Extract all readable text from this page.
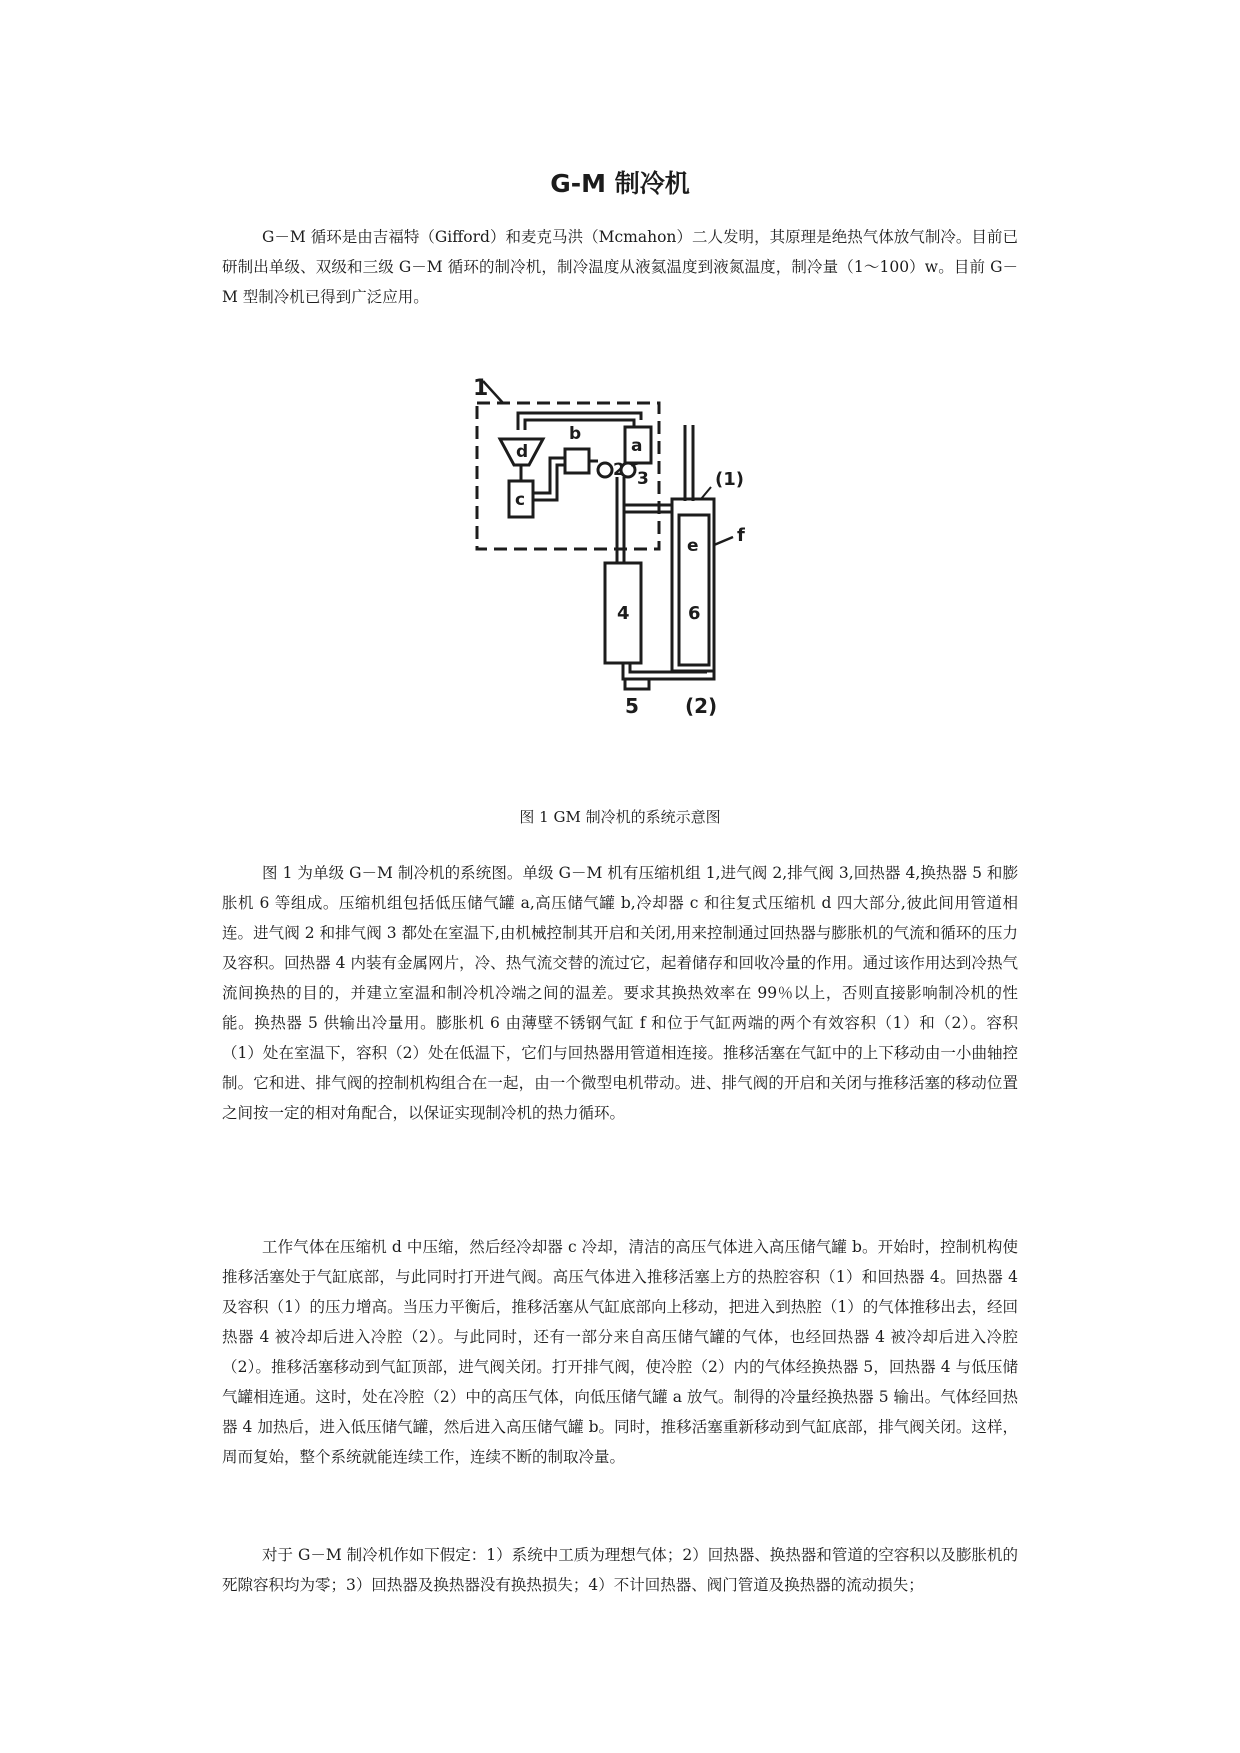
G-M 制冷机

G－M 循环是由吉福特（Gifford）和麦克马洪（Mcmahon）二人发明，其原理是绝热气体放气制冷。目前已研制出单级、双级和三级 G－M 循环的制冷机，制冷温度从液氦温度到液氮温度，制冷量（1～100）w。目前 G－M 型制冷机已得到广泛应用。

1
a
b
c
d
2 3	(1)
e f
4	6
5 (2)
图 1 GM 制冷机的系统示意图

图 1 为单级 G－M 制冷机的系统图。单级 G－M 机有压缩机组 1,进气阀 2,排气阀 3,回热器 4,换热器 5 和膨胀机 6 等组成。压缩机组包括低压储气罐 a,高压储气罐 b,冷却器 c 和往复式压缩机 d 四大部分,彼此间用管道相连。进气阀 2 和排气阀 3 都处在室温下,由机械控制其开启和关闭,用来控制通过回热器与膨胀机的气流和循环的压力及容积。回热器 4 内装有金属网片，冷、热气流交替的流过它，起着储存和回收冷量的作用。通过该作用达到冷热气流间换热的目的，并建立室温和制冷机冷端之间的温差。要求其换热效率在 99％以上，否则直接影响制冷机的性能。换热器 5 供输出冷量用。膨胀机 6 由薄壁不锈钢气缸 f 和位于气缸两端的两个有效容积（1）和（2）。容积（1）处在室温下，容积（2）处在低温下，它们与回热器用管道相连接。推移活塞在气缸中的上下移动由一小曲轴控制。它和进、排气阀的控制机构组合在一起，由一个微型电机带动。进、排气阀的开启和关闭与推移活塞的移动位置之间按一定的相对角配合，以保证实现制冷机的热力循环。

工作气体在压缩机 d 中压缩，然后经冷却器 c 冷却，清洁的高压气体进入高压储气罐 b。开始时，控制机构使推移活塞处于气缸底部，与此同时打开进气阀。高压气体进入推移活塞上方的热腔容积（1）和回热器 4。回热器 4 及容积（1）的压力增高。当压力平衡后，推移活塞从气缸底部向上移动，把进入到热腔（1）的气体推移出去，经回热器 4 被冷却后进入冷腔（2）。与此同时，还有一部分来自高压储气罐的气体，也经回热器 4 被冷却后进入冷腔（2）。推移活塞移动到气缸顶部，进气阀关闭。打开排气阀，使冷腔（2）内的气体经换热器 5，回热器 4 与低压储气罐相连通。这时，处在冷腔（2）中的高压气体，向低压储气罐 a 放气。制得的冷量经换热器 5 输出。气体经回热器 4 加热后，进入低压储气罐，然后进入高压储气罐 b。同时，推移活塞重新移动到气缸底部，排气阀关闭。这样，周而复始，整个系统就能连续工作，连续不断的制取冷量。

对于 G－M 制冷机作如下假定：1）系统中工质为理想气体；2）回热器、换热器和管道的空容积以及膨胀机的死隙容积均为零；3）回热器及换热器没有换热损失；4）不计回热器、阀门管道及换热器的流动损失；
